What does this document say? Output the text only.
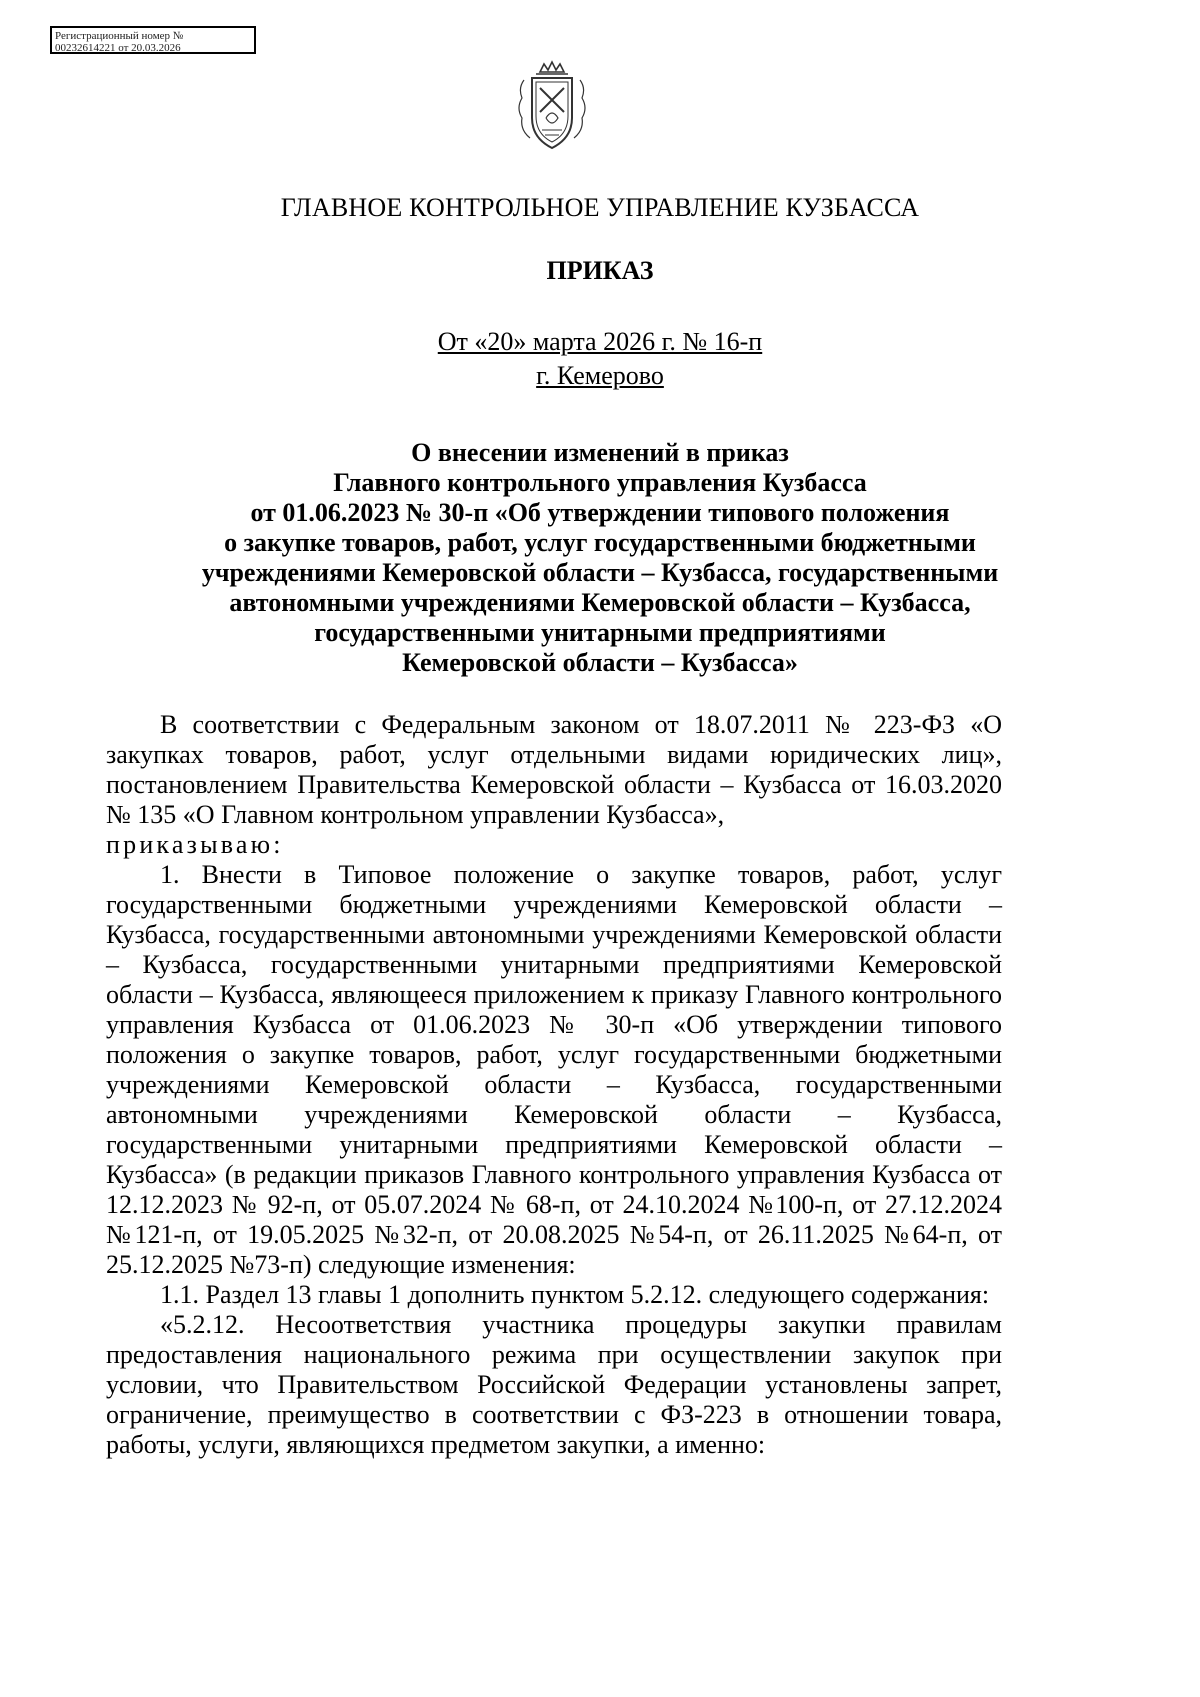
Регистрационный номер №
00232614221 от 20.03.2026
ГЛАВНОЕ КОНТРОЛЬНОЕ УПРАВЛЕНИЕ КУЗБАССА
ПРИКАЗ
От «20» марта 2026 г. № 16-п
г. Кемерово
О внесении изменений в приказ
Главного контрольного управления Кузбасса
от 01.06.2023 № 30-п «Об утверждении типового положения
о закупке товаров, работ, услуг государственными бюджетными
учреждениями Кемеровской области – Кузбасса, государственными
автономными учреждениями Кемеровской области – Кузбасса,
государственными унитарными предприятиями
Кемеровской области – Кузбасса»

В соответствии с Федеральным законом от 18.07.2011 № 223-ФЗ «О закупках товаров, работ, услуг отдельными видами юридических лиц», постановлением Правительства Кемеровской области – Кузбасса от 16.03.2020 № 135 «О Главном контрольном управлении Кузбасса»,

приказываю:

1. Внести в Типовое положение о закупке товаров, работ, услуг государственными бюджетными учреждениями Кемеровской области – Кузбасса, государственными автономными учреждениями Кемеровской области – Кузбасса, государственными унитарными предприятиями Кемеровской области – Кузбасса, являющееся приложением к приказу Главного контрольного управления Кузбасса от 01.06.2023 № 30-п «Об утверждении типового положения о закупке товаров, работ, услуг государственными бюджетными учреждениями Кемеровской области – Кузбасса, государственными автономными учреждениями Кемеровской области – Кузбасса, государственными унитарными предприятиями Кемеровской области – Кузбасса» (в редакции приказов Главного контрольного управления Кузбасса от 12.12.2023 № 92-п, от 05.07.2024 № 68-п, от 24.10.2024 №100-п, от 27.12.2024 №121-п, от 19.05.2025 №32-п, от 20.08.2025 №54-п, от 26.11.2025 №64-п, от 25.12.2025 №73-п) следующие изменения:

1.1. Раздел 13 главы 1 дополнить пунктом 5.2.12. следующего содержания:

«5.2.12. Несоответствия участника процедуры закупки правилам предоставления национального режима при осуществлении закупок при условии, что Правительством Российской Федерации установлены запрет, ограничение, преимущество в соответствии с ФЗ-223 в отношении товара, работы, услуги, являющихся предметом закупки, а именно:
